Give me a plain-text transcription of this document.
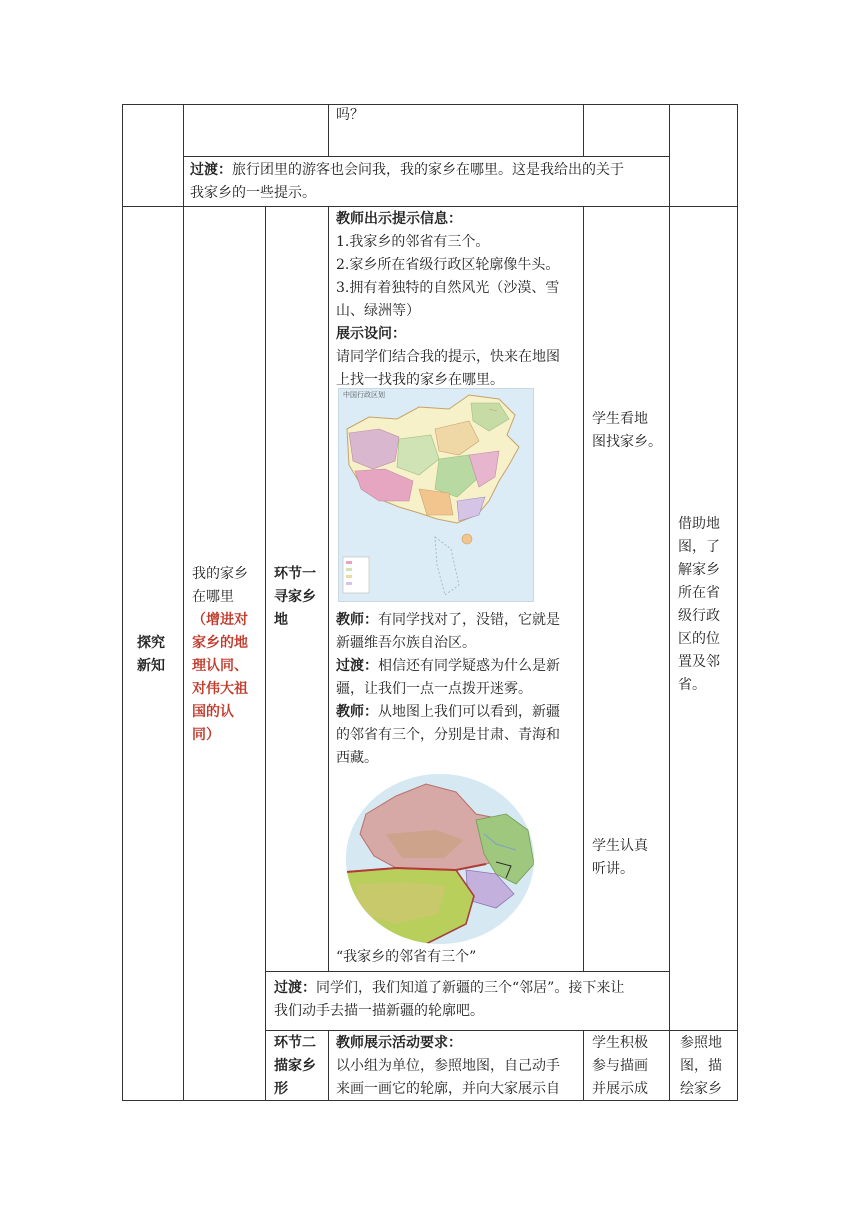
吗？

过渡：旅行团里的游客也会问我，我的家乡在哪里。这是我给出的关于

我家乡的一些提示。

探究

新知

我的家乡

在哪里

（增进对

家乡的地

理认同、

对伟大祖

国的认

同）

环节一

寻家乡

地

教师出示提示信息：

1.我家乡的邻省有三个。

2.家乡所在省级行政区轮廓像牛头。

3.拥有着独特的自然风光（沙漠、雪

山、绿洲等）

展示设问：

请同学们结合我的提示，快来在地图

上找一找我的家乡在哪里。

中国行政区划

教师：有同学找对了，没错，它就是

新疆维吾尔族自治区。

过渡：相信还有同学疑惑为什么是新

疆，让我们一点一点拨开迷雾。

教师：从地图上我们可以看到，新疆

的邻省有三个，分别是甘肃、青海和

西藏。

“我家乡的邻省有三个”

学生看地

图找家乡。

学生认真

听讲。

借助地

图，了

解家乡

所在省

级行政

区的位

置及邻

省。

过渡：同学们，我们知道了新疆的三个“邻居”。接下来让

我们动手去描一描新疆的轮廓吧。

环节二

描家乡

形

教师展示活动要求：

以小组为单位，参照地图，自己动手

来画一画它的轮廓，并向大家展示自

学生积极

参与描画

并展示成

参照地

图，描

绘家乡
